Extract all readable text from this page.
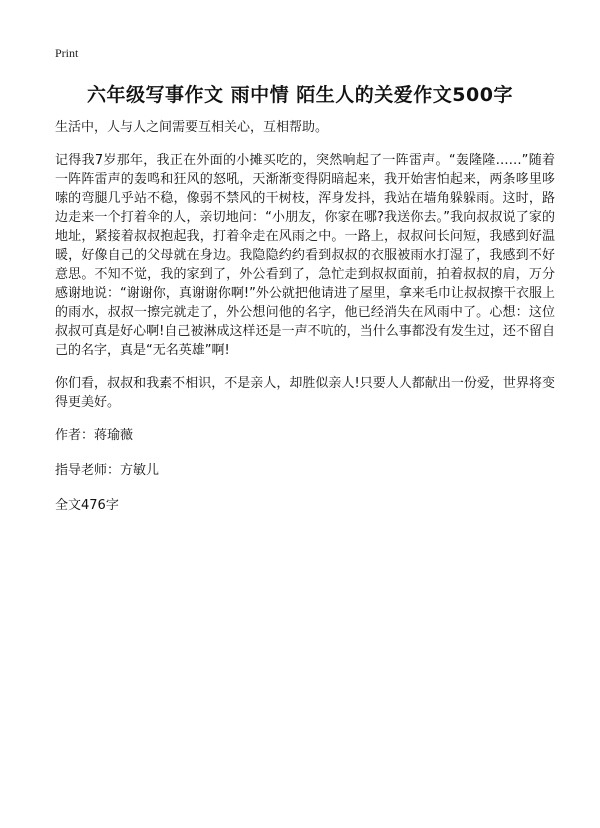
Print
六年级写事作文 雨中情 陌生人的关爱作文500字

生活中，人与人之间需要互相关心，互相帮助。

记得我7岁那年，我正在外面的小摊买吃的，突然响起了一阵雷声。“轰隆隆……”随着一阵阵雷声的轰鸣和狂风的怒吼，天渐渐变得阴暗起来，我开始害怕起来，两条哆里哆嗦的弯腿几乎站不稳，像弱不禁风的干树枝，浑身发抖，我站在墙角躲躲雨。这时，路边走来一个打着伞的人，亲切地问：“小朋友，你家在哪?我送你去。”我向叔叔说了家的地址，紧接着叔叔抱起我，打着伞走在风雨之中。一路上，叔叔问长问短，我感到好温暖，好像自己的父母就在身边。我隐隐约约看到叔叔的衣服被雨水打湿了，我感到不好意思。不知不觉，我的家到了，外公看到了，急忙走到叔叔面前，拍着叔叔的肩，万分感谢地说：“谢谢你，真谢谢你啊!”外公就把他请进了屋里，拿来毛巾让叔叔擦干衣服上的雨水，叔叔一擦完就走了，外公想问他的名字，他已经消失在风雨中了。心想：这位叔叔可真是好心啊!自己被淋成这样还是一声不吭的，当什么事都没有发生过，还不留自己的名字，真是“无名英雄”啊!

你们看，叔叔和我素不相识，不是亲人，却胜似亲人!只要人人都献出一份爱，世界将变得更美好。

作者：蒋瑜薇

指导老师：方敏儿

全文476字
